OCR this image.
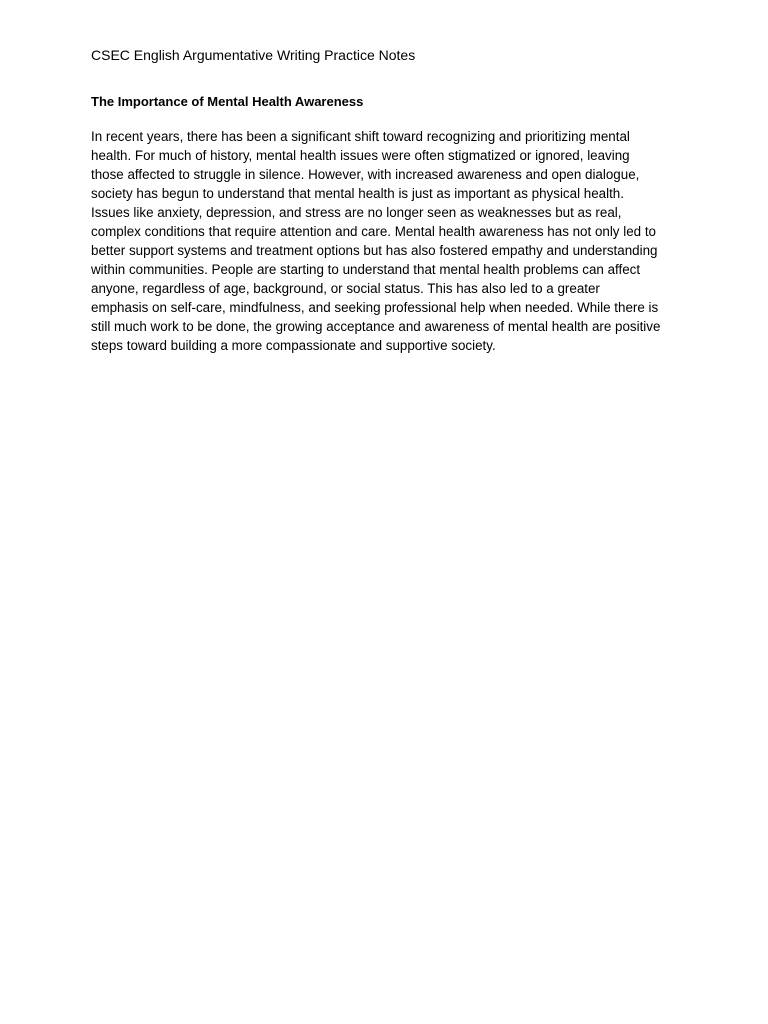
CSEC English Argumentative Writing Practice Notes
The Importance of Mental Health Awareness
In recent years, there has been a significant shift toward recognizing and prioritizing mental
health. For much of history, mental health issues were often stigmatized or ignored, leaving
those affected to struggle in silence. However, with increased awareness and open dialogue,
society has begun to understand that mental health is just as important as physical health.
Issues like anxiety, depression, and stress are no longer seen as weaknesses but as real,
complex conditions that require attention and care. Mental health awareness has not only led to
better support systems and treatment options but has also fostered empathy and understanding
within communities. People are starting to understand that mental health problems can affect
anyone, regardless of age, background, or social status. This has also led to a greater
emphasis on self-care, mindfulness, and seeking professional help when needed. While there is
still much work to be done, the growing acceptance and awareness of mental health are positive
steps toward building a more compassionate and supportive society.
